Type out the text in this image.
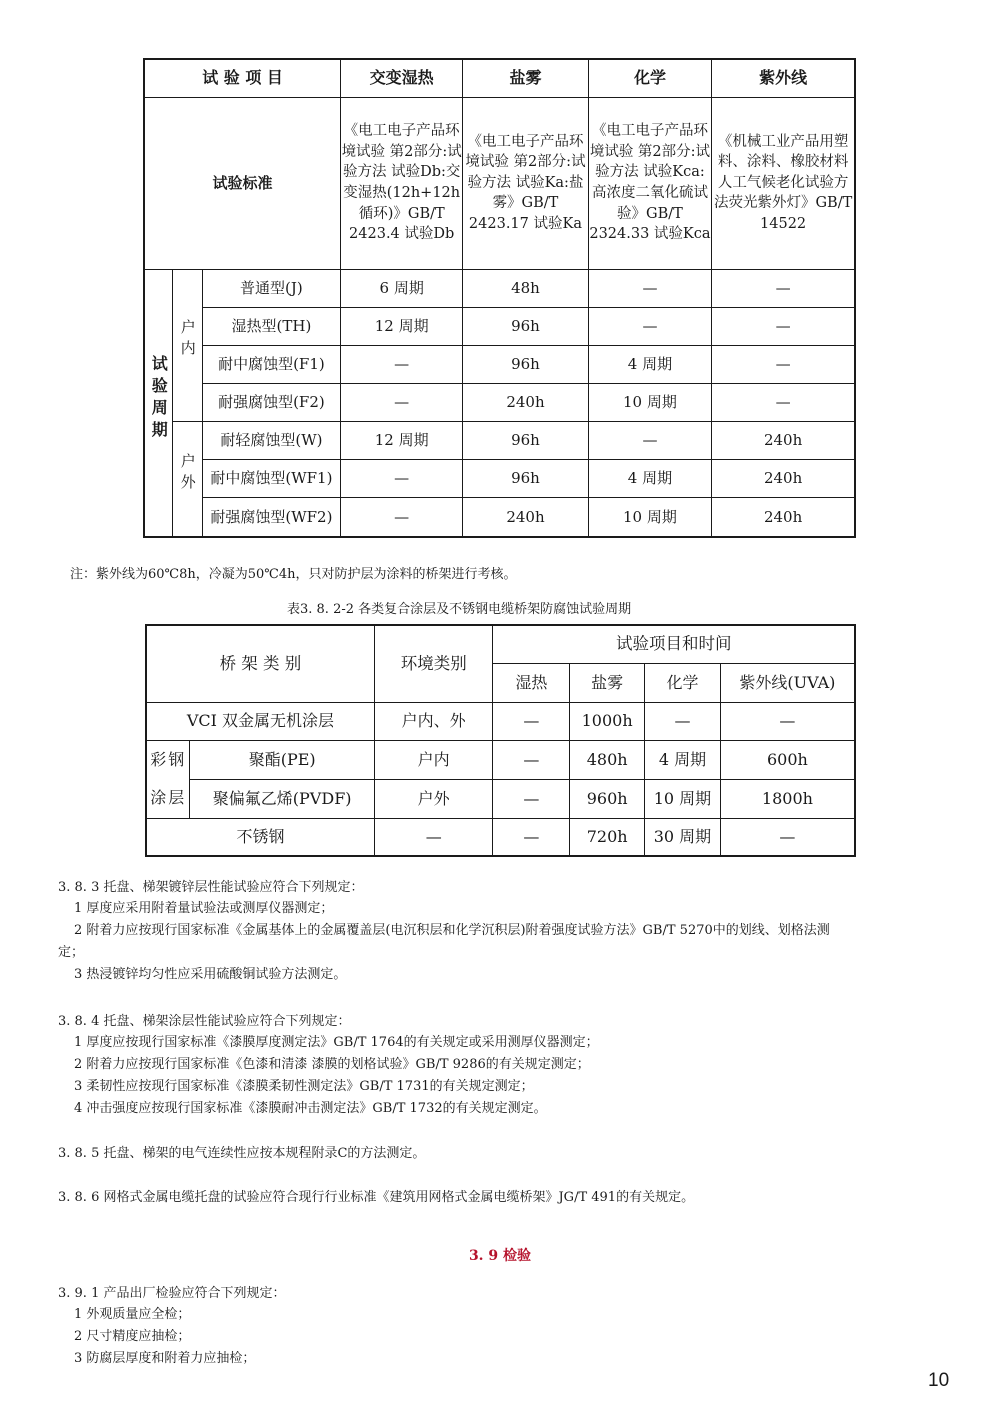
试 验 项 目			交变湿热	盐雾	化学	紫外线
试验标准			《电工电子产品环境试验 第2部分:试验方法 试验Db:交变湿热(12h+12h循环)》GB/T 2423.4 试验Db	《电工电子产品环境试验 第2部分:试验方法 试验Ka:盐雾》GB/T 2423.17 试验Ka	《电工电子产品环境试验 第2部分:试验方法 试验Kca:高浓度二氧化硫试验》GB/T 2324.33 试验Kca	《机械工业产品用塑料、涂料、橡胶材料人工气候老化试验方法荧光紫外灯》GB/T 14522
试验周期	户内	普通型(J)	6 周期	48h	—	—
		湿热型(TH)	12 周期	96h	—	—
		耐中腐蚀型(F1)	—	96h	4 周期	—
		耐强腐蚀型(F2)	—	240h	10 周期	—
	户外	耐轻腐蚀型(W)	12 周期	96h	—	240h
		耐中腐蚀型(WF1)	—	96h	4 周期	240h
		耐强腐蚀型(WF2)	—	240h	10 周期	240h
注：紫外线为60℃8h，冷凝为50℃4h，只对防护层为涂料的桥架进行考核。
表3. 8. 2-2 各类复合涂层及不锈钢电缆桥架防腐蚀试验周期
桥 架 类 别		环境类别	试验项目和时间			
			湿热	盐雾	化学	紫外线(UVA)
VCI 双金属无机涂层		户内、外	—	1000h	—	—

彩钢涂层	聚酯(PE)	户内	—	480h	4 周期	600h
	聚偏氟乙烯(PVDF)	户外	—	960h	10 周期	1800h
不锈钢		—	—	720h	30 周期	—
3. 8. 3 托盘、梯架镀锌层性能试验应符合下列规定：
1 厚度应采用附着量试验法或测厚仪器测定；
2 附着力应按现行国家标准《金属基体上的金属覆盖层(电沉积层和化学沉积层)附着强度试验方法》GB/T 5270中的划线、划格法测
定；
3 热浸镀锌均匀性应采用硫酸铜试验方法测定。
3. 8. 4 托盘、梯架涂层性能试验应符合下列规定：
1 厚度应按现行国家标准《漆膜厚度测定法》GB/T 1764的有关规定或采用测厚仪器测定；
2 附着力应按现行国家标准《色漆和清漆 漆膜的划格试验》GB/T 9286的有关规定测定；
3 柔韧性应按现行国家标准《漆膜柔韧性测定法》GB/T 1731的有关规定测定；
4 冲击强度应按现行国家标准《漆膜耐冲击测定法》GB/T 1732的有关规定测定。
3. 8. 5 托盘、梯架的电气连续性应按本规程附录C的方法测定。
3. 8. 6 网格式金属电缆托盘的试验应符合现行行业标准《建筑用网格式金属电缆桥架》JG/T 491的有关规定。
3. 9 检验
3. 9. 1 产品出厂检验应符合下列规定：
1 外观质量应全检；
2 尺寸精度应抽检；
3 防腐层厚度和附着力应抽检；
10
